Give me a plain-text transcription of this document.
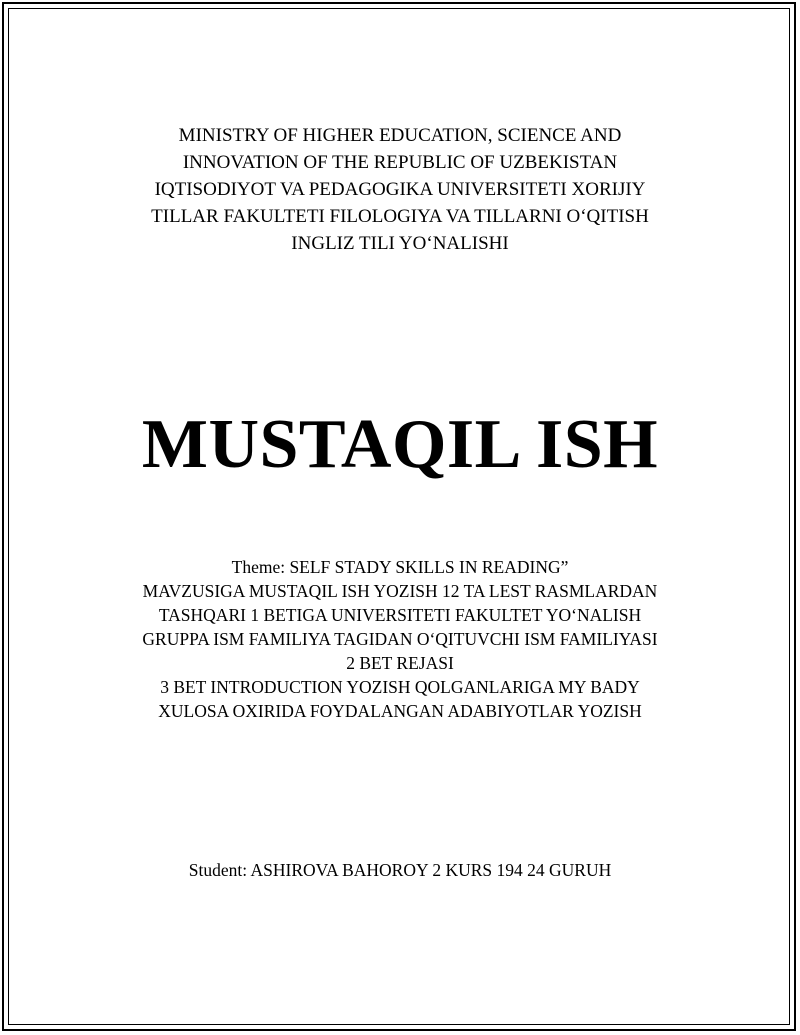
MINISTRY OF HIGHER EDUCATION, SCIENCE AND
INNOVATION OF THE REPUBLIC OF UZBEKISTAN
IQTISODIYOT VA PEDAGOGIKA UNIVERSITETI XORIJIY
TILLAR FAKULTETI FILOLOGIYA VA TILLARNI O‘QITISH
INGLIZ TILI YO‘NALISHI
MUSTAQIL ISH
Theme: SELF STADY SKILLS IN READING”
MAVZUSIGA MUSTAQIL ISH YOZISH 12 TA LEST RASMLARDAN
TASHQARI 1 BETIGA UNIVERSITETI FAKULTET YO‘NALISH
GRUPPA ISM FAMILIYA TAGIDAN O‘QITUVCHI ISM FAMILIYASI
2 BET REJASI
3 BET INTRODUCTION YOZISH QOLGANLARIGA MY BADY
XULOSA OXIRIDA FOYDALANGAN ADABIYOTLAR YOZISH
Student: ASHIROVA BAHOROY 2 KURS 194 24 GURUH
